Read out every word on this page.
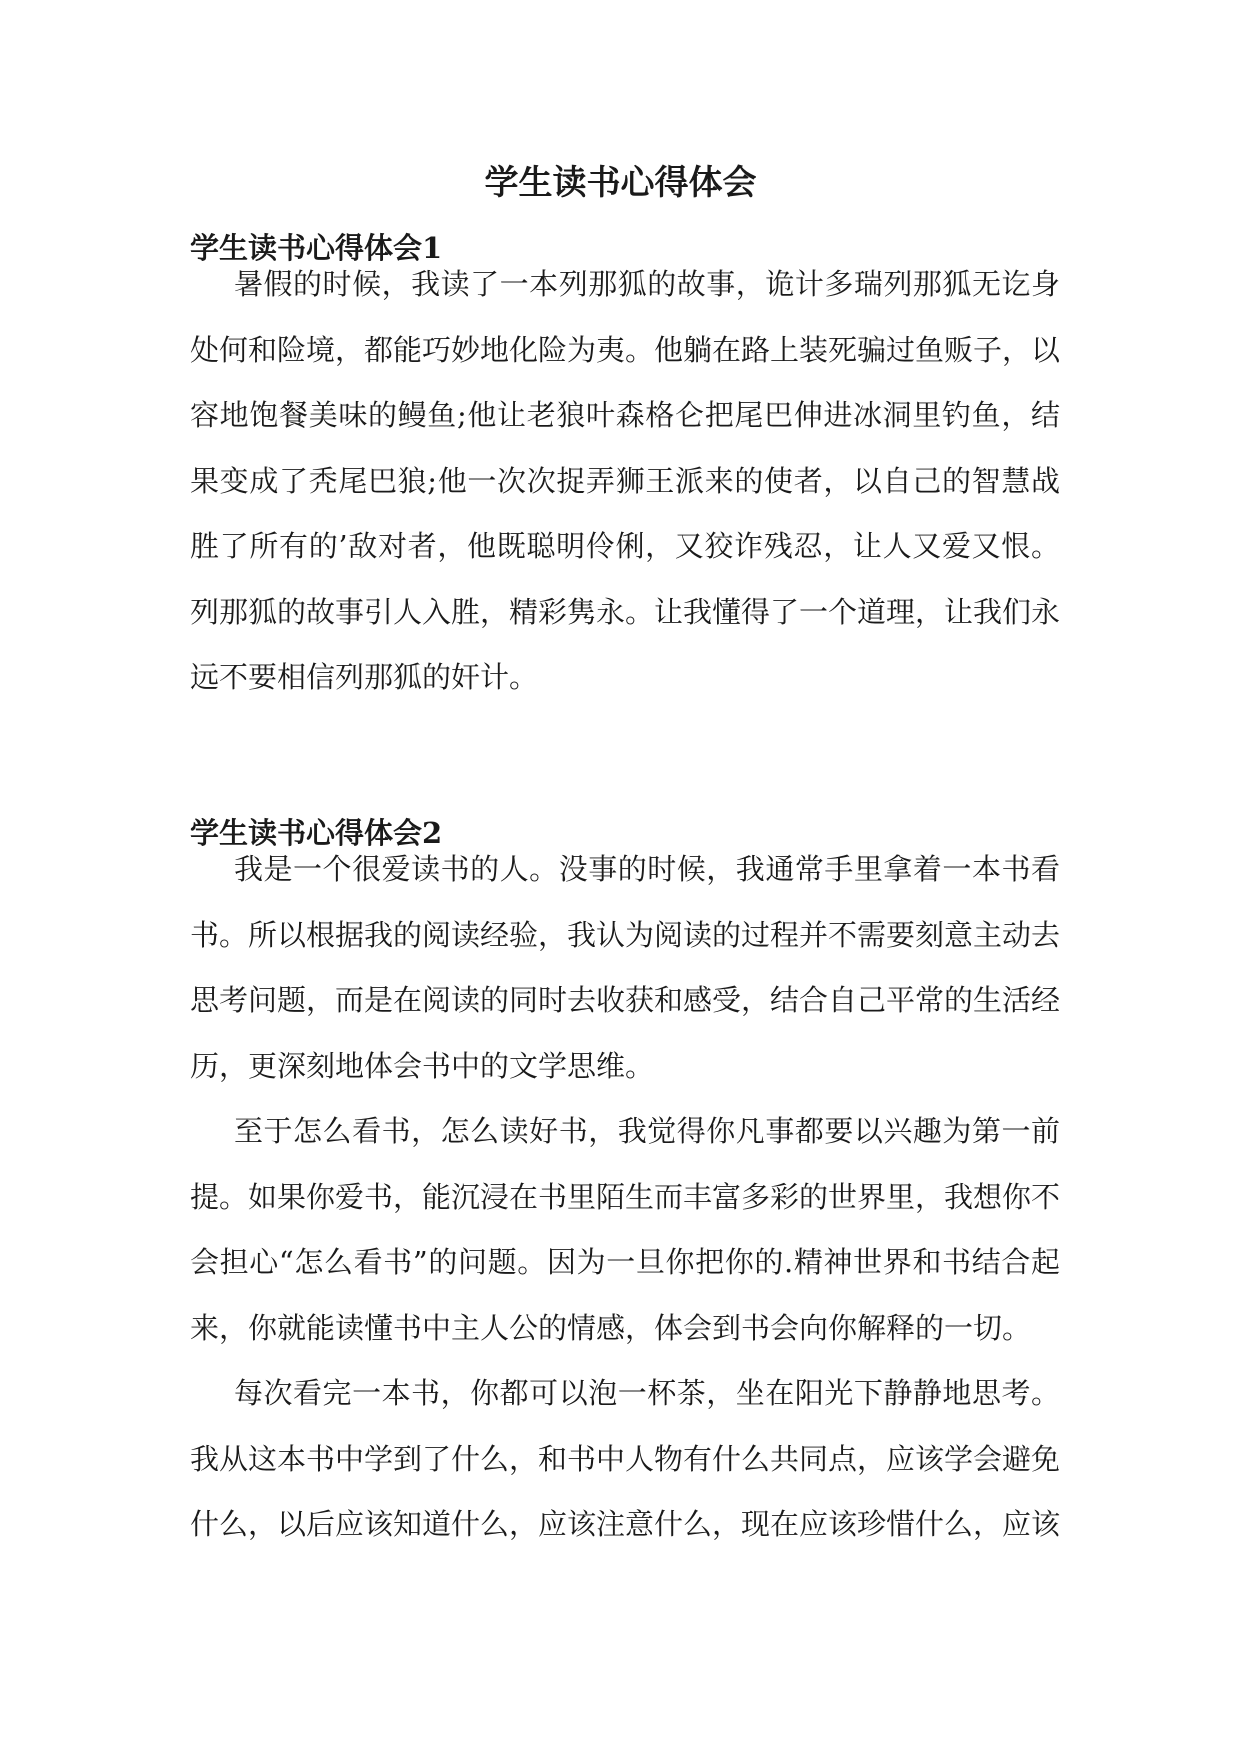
学生读书心得体会
学生读书心得体会1

暑假的时候，我读了一本列那狐的故事，诡计多瑞列那狐无讫身处何和险境，都能巧妙地化险为夷。他躺在路上装死骗过鱼贩子，以容地饱餐美味的鳗鱼;他让老狼叶森格仑把尾巴伸进冰洞里钓鱼，结果变成了秃尾巴狼;他一次次捉弄狮王派来的使者，以自己的智慧战胜了所有的’敌对者，他既聪明伶俐，又狡诈残忍，让人又爱又恨。列那狐的故事引人入胜，精彩隽永。让我懂得了一个道理，让我们永远不要相信列那狐的奸计。

学生读书心得体会2

我是一个很爱读书的人。没事的时候，我通常手里拿着一本书看书。所以根据我的阅读经验，我认为阅读的过程并不需要刻意主动去思考问题，而是在阅读的同时去收获和感受，结合自己平常的生活经历，更深刻地体会书中的文学思维。

至于怎么看书，怎么读好书，我觉得你凡事都要以兴趣为第一前提。如果你爱书，能沉浸在书里陌生而丰富多彩的世界里，我想你不会担心“怎么看书”的问题。因为一旦你把你的.精神世界和书结合起来，你就能读懂书中主人公的情感，体会到书会向你解释的一切。

每次看完一本书，你都可以泡一杯茶，坐在阳光下静静地思考。我从这本书中学到了什么，和书中人物有什么共同点，应该学会避免什么，以后应该知道什么，应该注意什么，现在应该珍惜什么，应该
